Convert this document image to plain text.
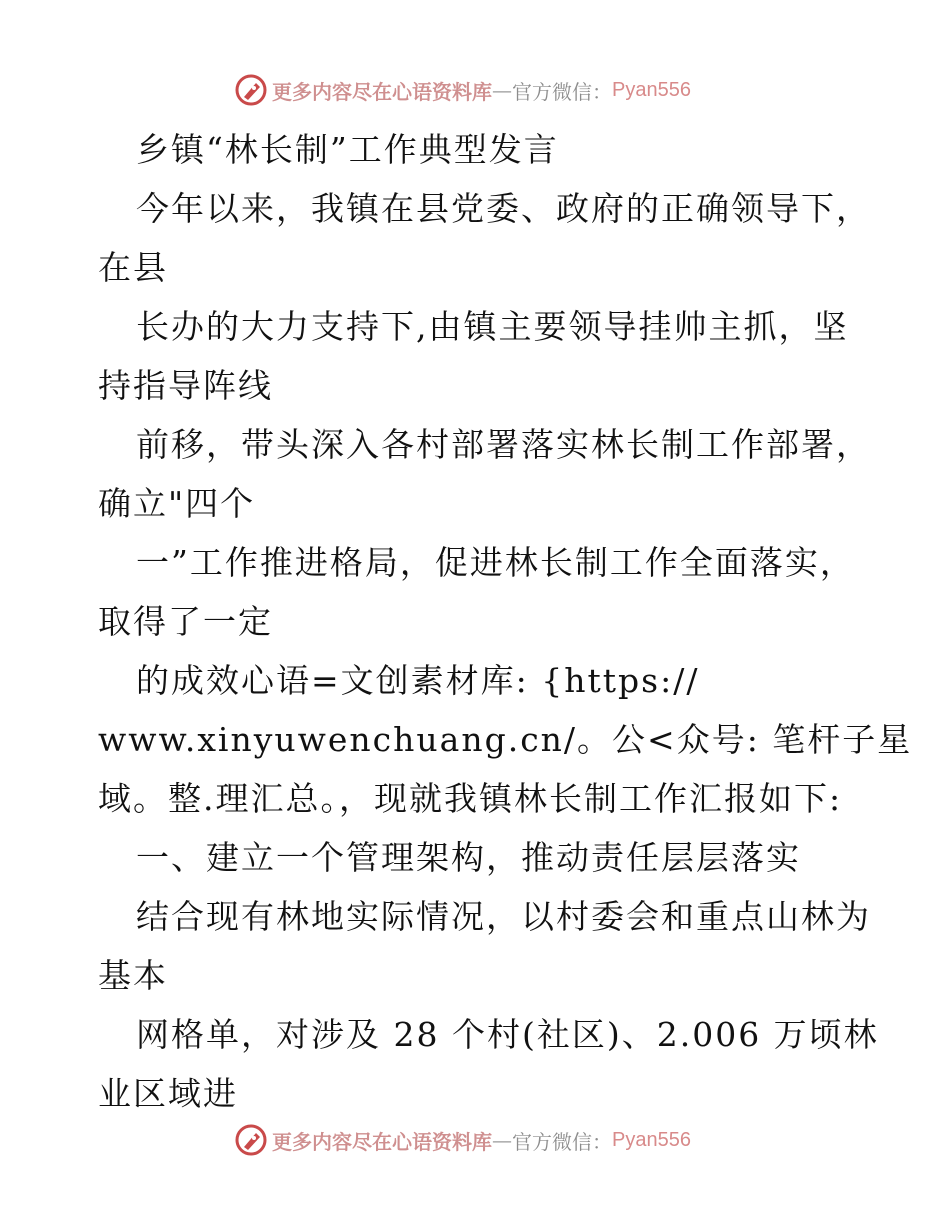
更多内容尽在心语资料库 — 官方微信： Pyan556
乡镇“林长制”工作典型发言
今年以来，我镇在县党委、政府的正确领导下，
在县
长办的大力支持下,由镇主要领导挂帅主抓，坚
持指导阵线
前移，带头深入各村部署落实林长制工作部署，
确立"四个
一”工作推进格局，促进林长制工作全面落实，
取得了一定
的成效心语=文创素材库: {https://
www.xinyuwenchuang.cn/。公<众号: 笔杆子星
域。整.理汇总。，现就我镇林长制工作汇报如下:
一、建立一个管理架构，推动责任层层落实
结合现有林地实际情况，以村委会和重点山林为
基本
网格单，对涉及 28 个村(社区)、2.006 万顷林
业区域进
更多内容尽在心语资料库 — 官方微信： Pyan556
